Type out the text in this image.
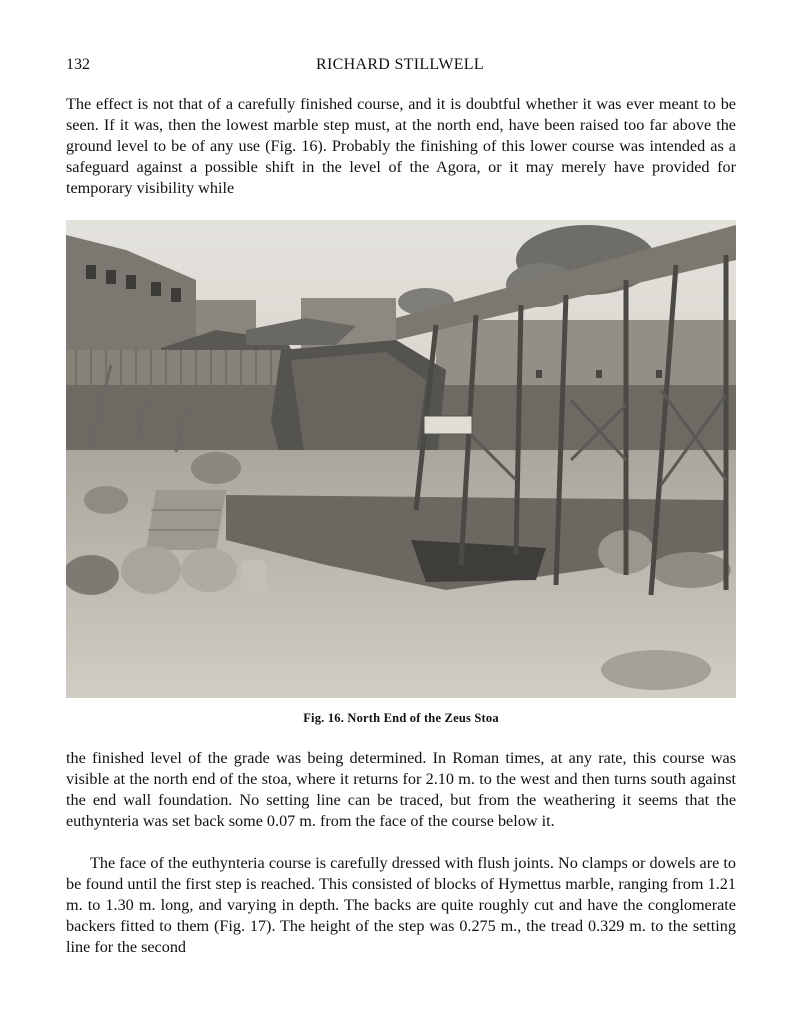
132	RICHARD STILLWELL

The effect is not that of a carefully finished course, and it is doubtful whether it was ever meant to be seen. If it was, then the lowest marble step must, at the north end, have been raised too far above the ground level to be of any use (Fig. 16). Probably the finishing of this lower course was intended as a safeguard against a possible shift in the level of the Agora, or it may merely have provided for temporary visibility while

Fig. 16. North End of the Zeus Stoa

the finished level of the grade was being determined. In Roman times, at any rate, this course was visible at the north end of the stoa, where it returns for 2.10 m. to the west and then turns south against the end wall foundation. No setting line can be traced, but from the weathering it seems that the euthynteria was set back some 0.07 m. from the face of the course below it.

The face of the euthynteria course is carefully dressed with flush joints. No clamps or dowels are to be found until the first step is reached. This consisted of blocks of Hymettus marble, ranging from 1.21 m. to 1.30 m. long, and varying in depth. The backs are quite roughly cut and have the conglomerate backers fitted to them (Fig. 17). The height of the step was 0.275 m., the tread 0.329 m. to the setting line for the second
